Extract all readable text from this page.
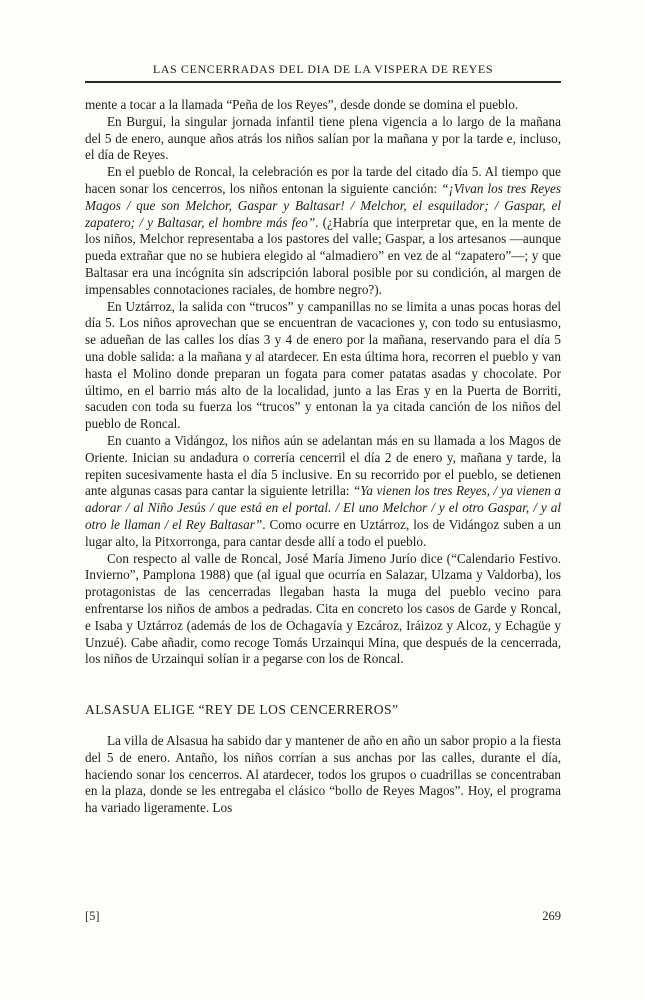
LAS CENCERRADAS DEL DIA DE LA VISPERA DE REYES

mente a tocar a la llamada “Peña de los Reyes”, desde donde se domina el pueblo.

En Burgui, la singular jornada infantil tiene plena vigencia a lo largo de la mañana del 5 de enero, aunque años atrás los niños salían por la mañana y por la tarde e, incluso, el día de Reyes.

En el pueblo de Roncal, la celebración es por la tarde del citado día 5. Al tiempo que hacen sonar los cencerros, los niños entonan la siguiente canción: “¡Vivan los tres Reyes Magos / que son Melchor, Gaspar y Baltasar! / Melchor, el esquilador; / Gaspar, el zapatero; / y Baltasar, el hombre más feo”. (¿Habría que interpretar que, en la mente de los niños, Melchor representaba a los pastores del valle; Gaspar, a los artesanos —aunque pueda extrañar que no se hubiera elegido al “almadiero” en vez de al “zapatero”—; y que Baltasar era una incógnita sin adscripción laboral posible por su condición, al margen de impensables connotaciones raciales, de hombre negro?).

En Uztárroz, la salida con “trucos” y campanillas no se limita a unas pocas horas del día 5. Los niños aprovechan que se encuentran de vacaciones y, con todo su entusiasmo, se adueñan de las calles los días 3 y 4 de enero por la mañana, reservando para el día 5 una doble salida: a la mañana y al atardecer. En esta última hora, recorren el pueblo y van hasta el Molino donde preparan un fogata para comer patatas asadas y chocolate. Por último, en el barrio más alto de la localidad, junto a las Eras y en la Puerta de Borriti, sacuden con toda su fuerza los “trucos” y entonan la ya citada canción de los niños del pueblo de Roncal.

En cuanto a Vidángoz, los niños aún se adelantan más en su llamada a los Magos de Oriente. Inician su andadura o correría cencerril el día 2 de enero y, mañana y tarde, la repiten sucesivamente hasta el día 5 inclusive. En su recorrido por el pueblo, se detienen ante algunas casas para cantar la siguiente letrilla: “Ya vienen los tres Reyes, / ya vienen a adorar / al Niño Jesús / que está en el portal. / El uno Melchor / y el otro Gaspar, / y al otro le llaman / el Rey Baltasar”. Como ocurre en Uztárroz, los de Vidángoz suben a un lugar alto, la Pitxorronga, para cantar desde allí a todo el pueblo.

Con respecto al valle de Roncal, José María Jimeno Jurío dice (“Calendario Festivo. Invierno”, Pamplona 1988) que (al igual que ocurría en Salazar, Ulzama y Valdorba), los protagonistas de las cencerradas llegaban hasta la muga del pueblo vecino para enfrentarse los niños de ambos a pedradas. Cita en concreto los casos de Garde y Roncal, e Isaba y Uztárroz (además de los de Ochagavía y Ezcároz, Iráizoz y Alcoz, y Echagüe y Unzué). Cabe añadir, como recoge Tomás Urzainqui Mina, que después de la cencerrada, los niños de Urzainqui solían ir a pegarse con los de Roncal.

ALSASUA ELIGE “REY DE LOS CENCERREROS”

La villa de Alsasua ha sabido dar y mantener de año en año un sabor propio a la fiesta del 5 de enero. Antaño, los niños corrían a sus anchas por las calles, durante el día, haciendo sonar los cencerros. Al atardecer, todos los grupos o cuadrillas se concentraban en la plaza, donde se les entregaba el clásico “bollo de Reyes Magos”. Hoy, el programa ha variado ligeramente. Los

[5]	269
